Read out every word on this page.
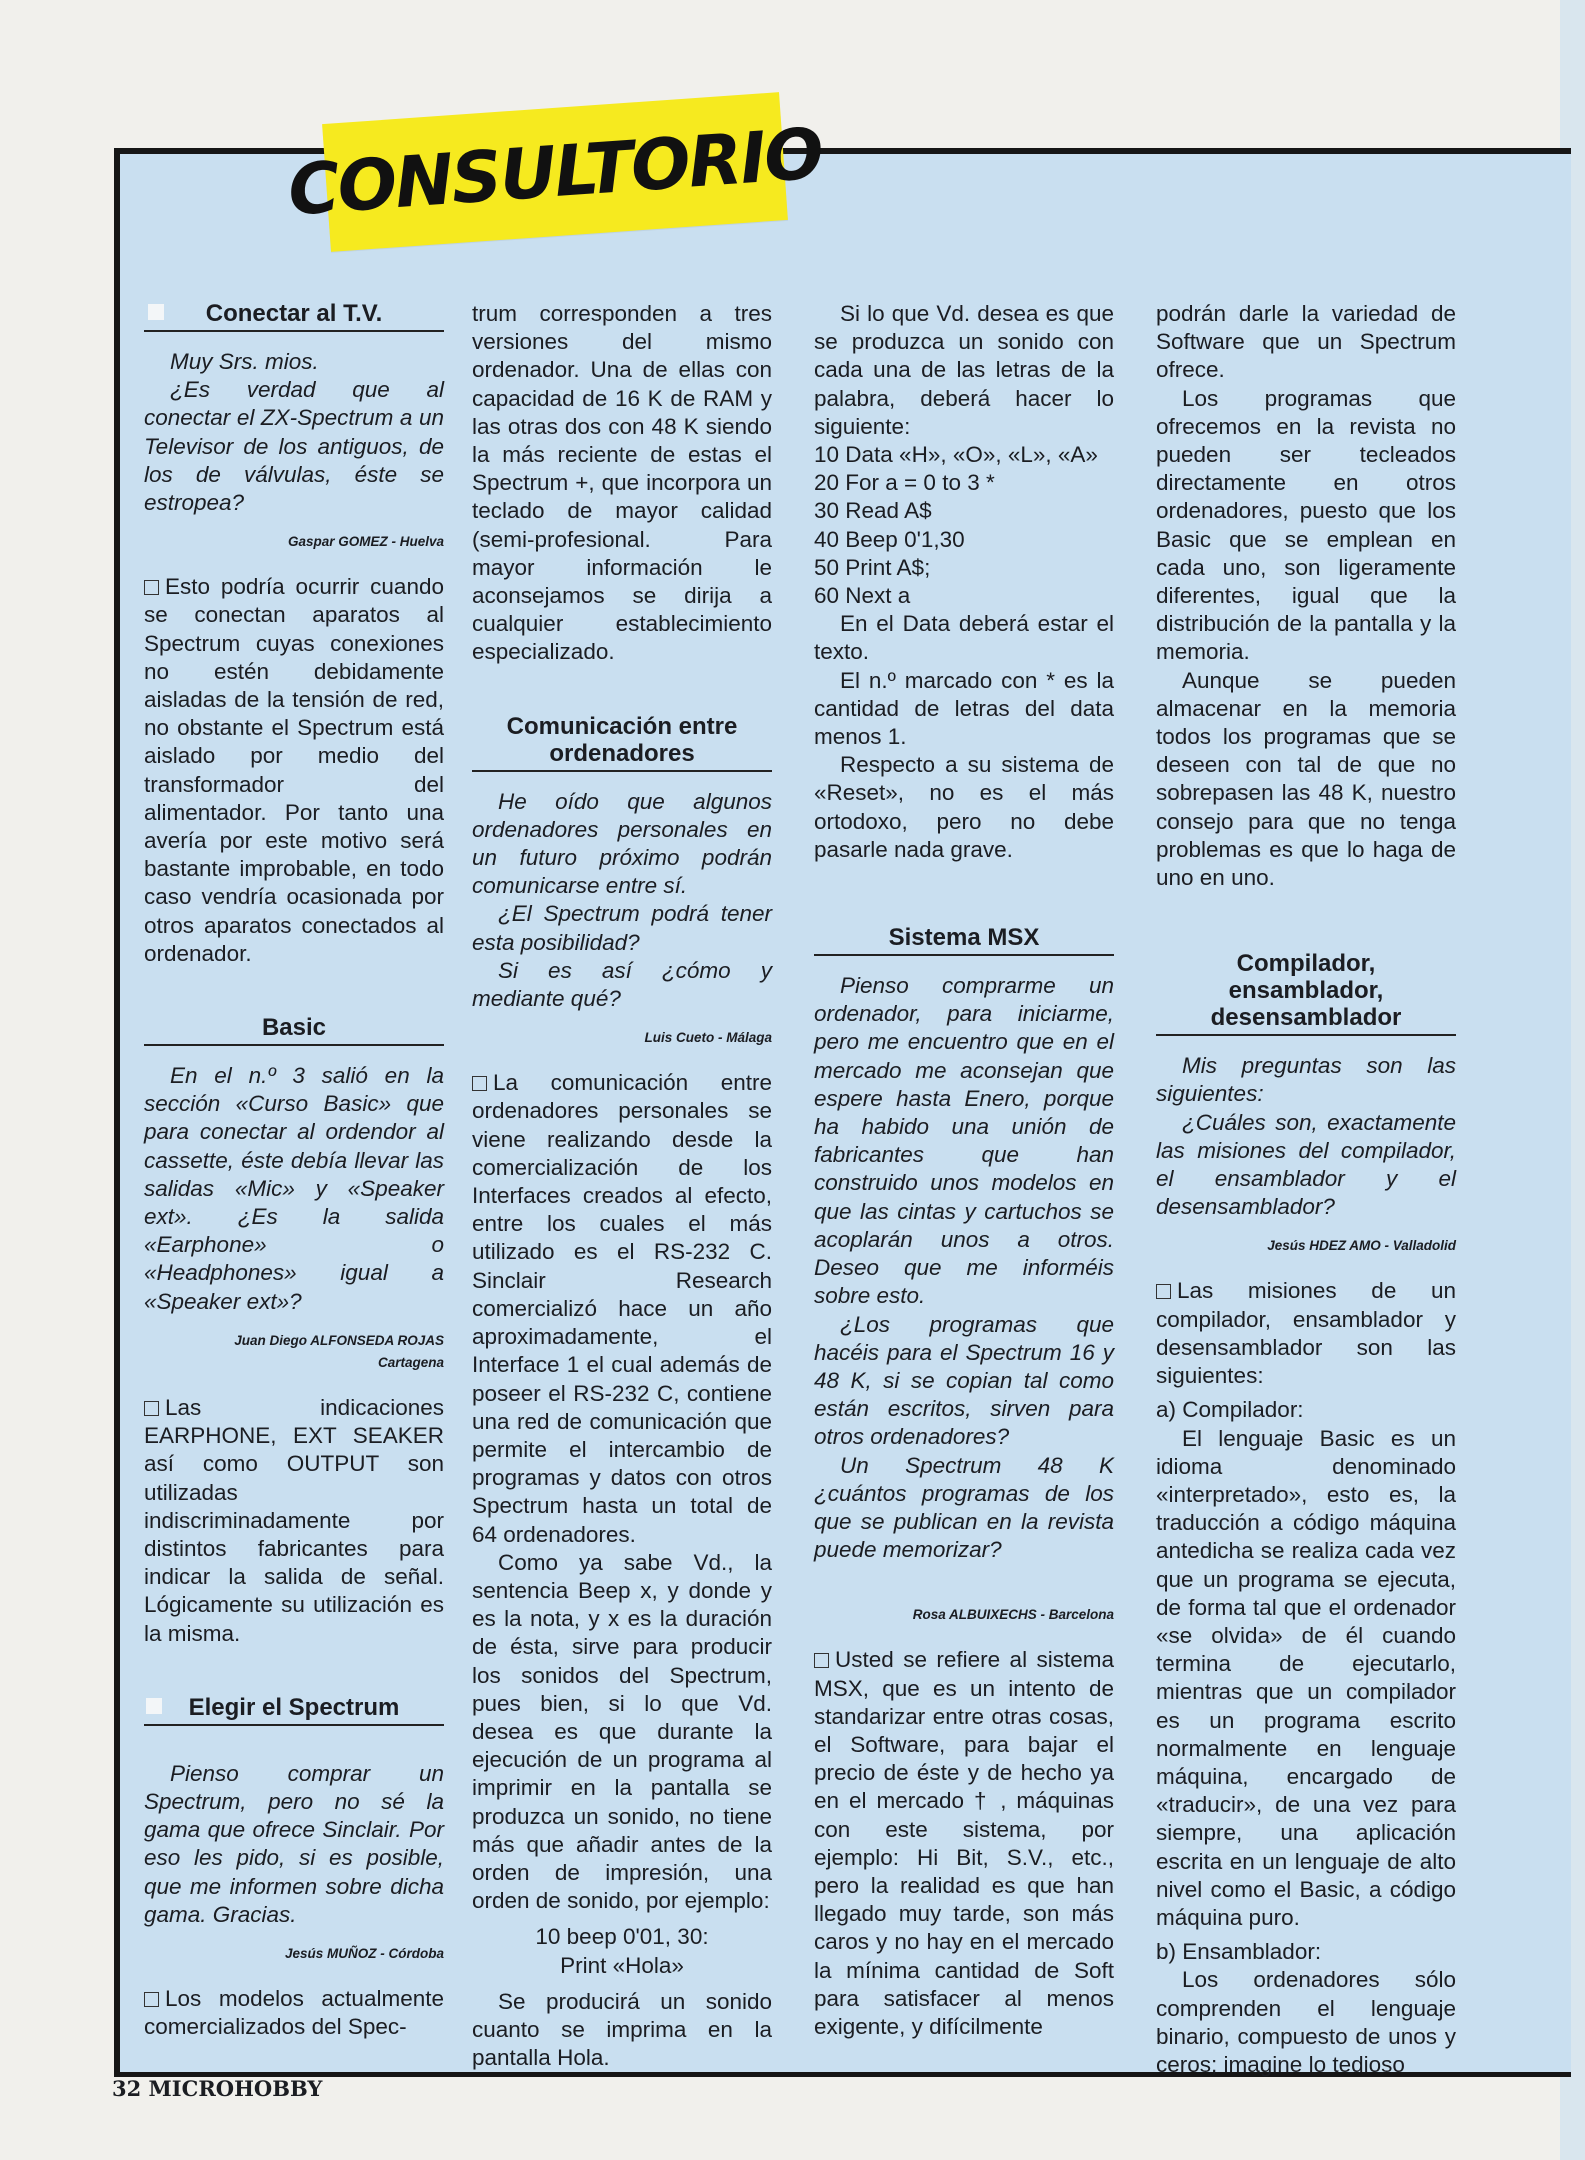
CONSULTORIO
Conectar al T.V.

Muy Srs. mios.

¿Es verdad que al conectar el ZX-Spectrum a un Televisor de los antiguos, de los de válvulas, éste se estropea?

Gaspar GOMEZ - Huelva

Esto podría ocurrir cuando se conectan aparatos al Spectrum cuyas conexiones no estén debidamente aisladas de la tensión de red, no obstante el Spectrum está aislado por medio del transformador del alimentador. Por tanto una avería por este motivo será bastante improbable, en todo caso vendría ocasionada por otros aparatos conectados al ordenador.

Basic

En el n.º 3 salió en la sección «Curso Basic» que para conectar al ordendor al cassette, éste debía llevar las salidas «Mic» y «Speaker ext». ¿Es la salida «Earphone» o «Headphones» igual a «Speaker ext»?

Juan Diego ALFONSEDA ROJAS
Cartagena

Las indicaciones EARPHONE, EXT SEAKER así como OUTPUT son utilizadas indiscriminadamente por distintos fabricantes para indicar la salida de señal. Lógicamente su utilización es la misma.

Elegir el Spectrum

Pienso comprar un Spectrum, pero no sé la gama que ofrece Sinclair. Por eso les pido, si es posible, que me informen sobre dicha gama. Gracias.

Jesús MUÑOZ - Córdoba

Los modelos actualmente comercializados del Spec-

trum corresponden a tres versiones del mismo ordenador. Una de ellas con capacidad de 16 K de RAM y las otras dos con 48 K siendo la más reciente de estas el Spectrum +, que incorpora un teclado de mayor calidad (semi-profesional. Para mayor información le aconsejamos se dirija a cualquier establecimiento especializado.

Comunicación entre ordenadores

He oído que algunos ordenadores personales en un futuro próximo podrán comunicarse entre sí.

¿El Spectrum podrá tener esta posibilidad?

Si es así ¿cómo y mediante qué?

Luis Cueto - Málaga

La comunicación entre ordenadores personales se viene realizando desde la comercialización de los Interfaces creados al efecto, entre los cuales el más utilizado es el RS-232 C. Sinclair Research comercializó hace un año aproximadamente, el Interface 1 el cual además de poseer el RS-232 C, contiene una red de comunicación que permite el intercambio de programas y datos con otros Spectrum hasta un total de 64 ordenadores.

Como ya sabe Vd., la sentencia Beep x, y donde y es la nota, y x es la duración de ésta, sirve para producir los sonidos del Spectrum, pues bien, si lo que Vd. desea es que durante la ejecución de un programa al imprimir en la pantalla se produzca un sonido, no tiene más que añadir antes de la orden de impresión, una orden de sonido, por ejemplo:

10 beep 0'01, 30:
Print «Hola»

Se producirá un sonido cuanto se imprima en la pantalla Hola.

Si lo que Vd. desea es que se produzca un sonido con cada una de las letras de la palabra, deberá hacer lo siguiente:

10 Data «H», «O», «L», «A»
20 For a = 0 to 3 *
30 Read A$
40 Beep 0'1,30
50 Print A$;
60 Next a

En el Data deberá estar el texto.

El n.º marcado con * es la cantidad de letras del data menos 1.

Respecto a su sistema de «Reset», no es el más ortodoxo, pero no debe pasarle nada grave.

Sistema MSX

Pienso comprarme un ordenador, para iniciarme, pero me encuentro que en el mercado me aconsejan que espere hasta Enero, porque ha habido una unión de fabricantes que han construido unos modelos en que las cintas y cartuchos se acoplarán unos a otros. Deseo que me informéis sobre esto.

¿Los programas que hacéis para el Spectrum 16 y 48 K, si se copian tal como están escritos, sirven para otros ordenadores?

Un Spectrum 48 K ¿cuántos programas de los que se publican en la revista puede memorizar?

Rosa ALBUIXECHS - Barcelona

Usted se refiere al sistema MSX, que es un intento de standarizar entre otras cosas, el Software, para bajar el precio de éste y de hecho ya en el mercado † , máquinas con este sistema, por ejemplo: Hi Bit, S.V., etc., pero la realidad es que han llegado muy tarde, son más caros y no hay en el mercado la mínima cantidad de Soft para satisfacer al menos exigente, y difícilmente

podrán darle la variedad de Software que un Spectrum ofrece.

Los programas que ofrecemos en la revista no pueden ser tecleados directamente en otros ordenadores, puesto que los Basic que se emplean en cada uno, son ligeramente diferentes, igual que la distribución de la pantalla y la memoria.

Aunque se pueden almacenar en la memoria todos los programas que se deseen con tal de que no sobrepasen las 48 K, nuestro consejo para que no tenga problemas es que lo haga de uno en uno.

Compilador, ensamblador, desensamblador

Mis preguntas son las siguientes:

¿Cuáles son, exactamente las misiones del compilador, el ensamblador y el desensamblador?

Jesús HDEZ AMO - Valladolid

Las misiones de un compilador, ensamblador y desensamblador son las siguientes:

a) Compilador:

El lenguaje Basic es un idioma denominado «interpretado», esto es, la traducción a código máquina antedicha se realiza cada vez que un programa se ejecuta, de forma tal que el ordenador «se olvida» de él cuando termina de ejecutarlo, mientras que un compilador es un programa escrito normalmente en lenguaje máquina, encargado de «traducir», de una vez para siempre, una aplicación escrita en un lenguaje de alto nivel como el Basic, a código máquina puro.

b) Ensamblador:

Los ordenadores sólo comprenden el lenguaje binario, compuesto de unos y ceros; imagine lo tedioso

32 MICROHOBBY
